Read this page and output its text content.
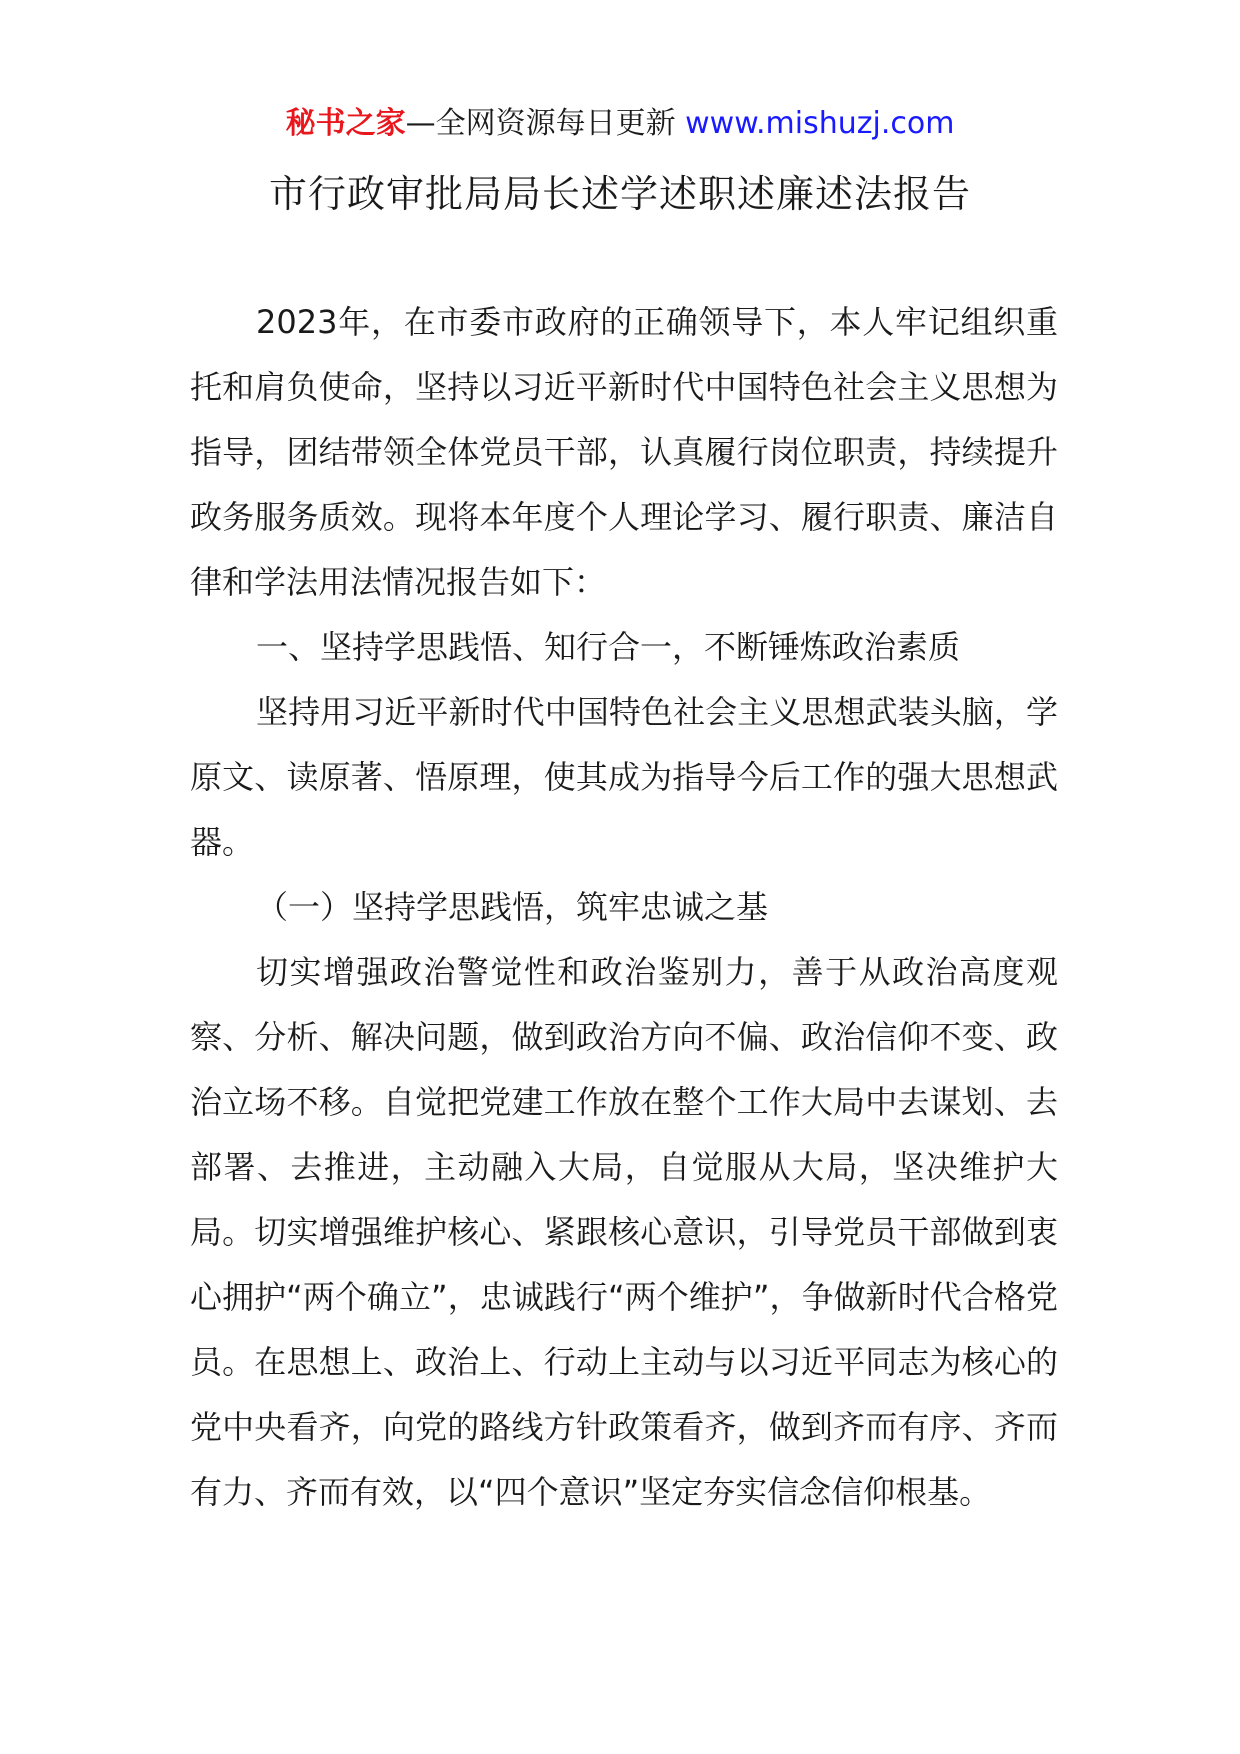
秘书之家—全网资源每日更新 www.mishuzj.com
市行政审批局局长述学述职述廉述法报告

2023年，在市委市政府的正确领导下，本人牢记组织重托和肩负使命，坚持以习近平新时代中国特色社会主义思想为指导，团结带领全体党员干部，认真履行岗位职责，持续提升政务服务质效。现将本年度个人理论学习、履行职责、廉洁自律和学法用法情况报告如下：

一、坚持学思践悟、知行合一，不断锤炼政治素质

坚持用习近平新时代中国特色社会主义思想武装头脑，学原文、读原著、悟原理，使其成为指导今后工作的强大思想武器。

（一）坚持学思践悟，筑牢忠诚之基

切实增强政治警觉性和政治鉴别力，善于从政治高度观察、分析、解决问题，做到政治方向不偏、政治信仰不变、政治立场不移。自觉把党建工作放在整个工作大局中去谋划、去部署、去推进，主动融入大局，自觉服从大局，坚决维护大局。切实增强维护核心、紧跟核心意识，引导党员干部做到衷心拥护“两个确立”，忠诚践行“两个维护”，争做新时代合格党员。在思想上、政治上、行动上主动与以习近平同志为核心的党中央看齐，向党的路线方针政策看齐，做到齐而有序、齐而有力、齐而有效，以“四个意识”坚定夯实信念信仰根基。
